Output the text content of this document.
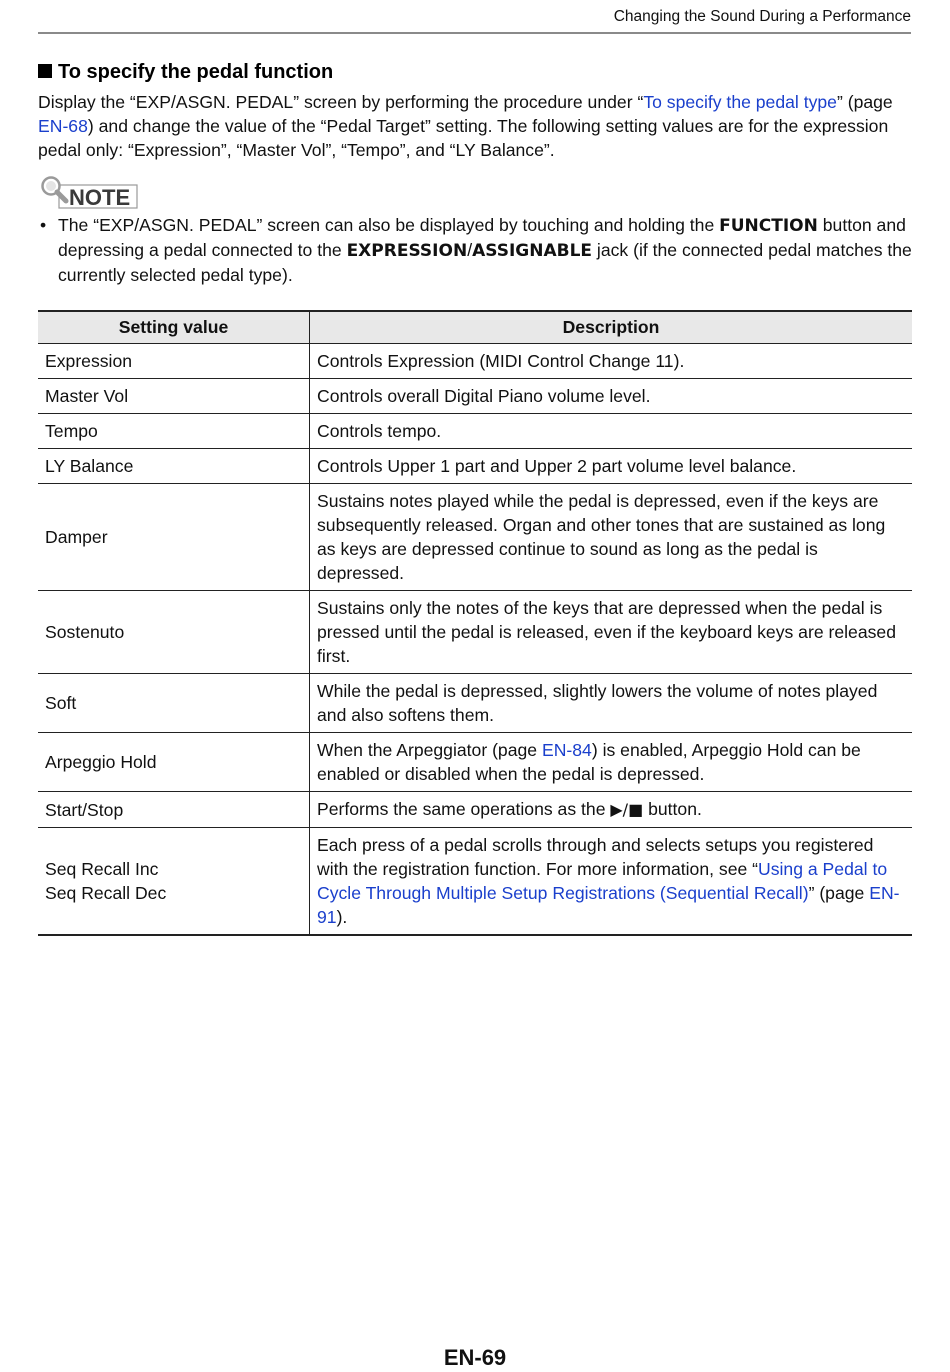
Changing the Sound During a Performance
To specify the pedal function

Display the “EXP/ASGN. PEDAL” screen by performing the procedure under “To specify the pedal type” (page EN-68) and change the value of the “Pedal Target” setting. The following setting values are for the expression pedal only: “Expression”, “Master Vol”, “Tempo”, and “LY Balance”.

NOTE
• The “EXP/ASGN. PEDAL” screen can also be displayed by touching and holding the FUNCTION button and depressing a pedal connected to the EXPRESSION/ASSIGNABLE jack (if the connected pedal matches the currently selected pedal type).

Setting value	Description
Expression	Controls Expression (MIDI Control Change 11).
Master Vol	Controls overall Digital Piano volume level.
Tempo	Controls tempo.
LY Balance	Controls Upper 1 part and Upper 2 part volume level balance.
Damper	Sustains notes played while the pedal is depressed, even if the keys are subsequently released. Organ and other tones that are sustained as long as keys are depressed continue to sound as long as the pedal is depressed.
Sostenuto	Sustains only the notes of the keys that are depressed when the pedal is pressed until the pedal is released, even if the keyboard keys are released first.
Soft	While the pedal is depressed, slightly lowers the volume of notes played and also softens them.
Arpeggio Hold	When the Arpeggiator (page EN-84) is enabled, Arpeggio Hold can be enabled or disabled when the pedal is depressed.
Start/Stop	Performs the same operations as the ▶/■ button.
Seq Recall Inc
Seq Recall Dec	Each press of a pedal scrolls through and selects setups you registered with the registration function. For more information, see “Using a Pedal to Cycle Through Multiple Setup Registrations (Sequential Recall)” (page EN-91).
EN-69
